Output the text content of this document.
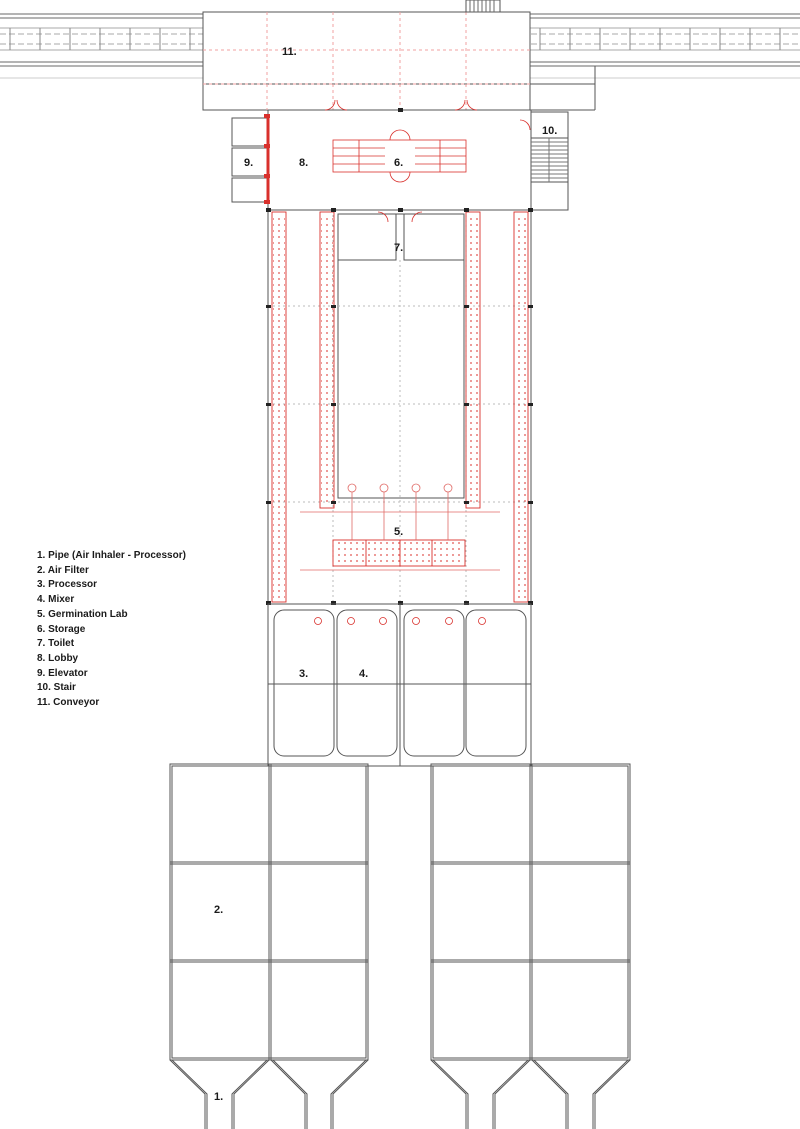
11.
10.
9.	8.	6.
7.
5.
3.	4.
2.
1.
1. Pipe (Air Inhaler - Processor)
2. Air Filter
3. Processor
4. Mixer
5. Germination Lab
6. Storage
7. Toilet
8. Lobby
9. Elevator
10. Stair
11. Conveyor
